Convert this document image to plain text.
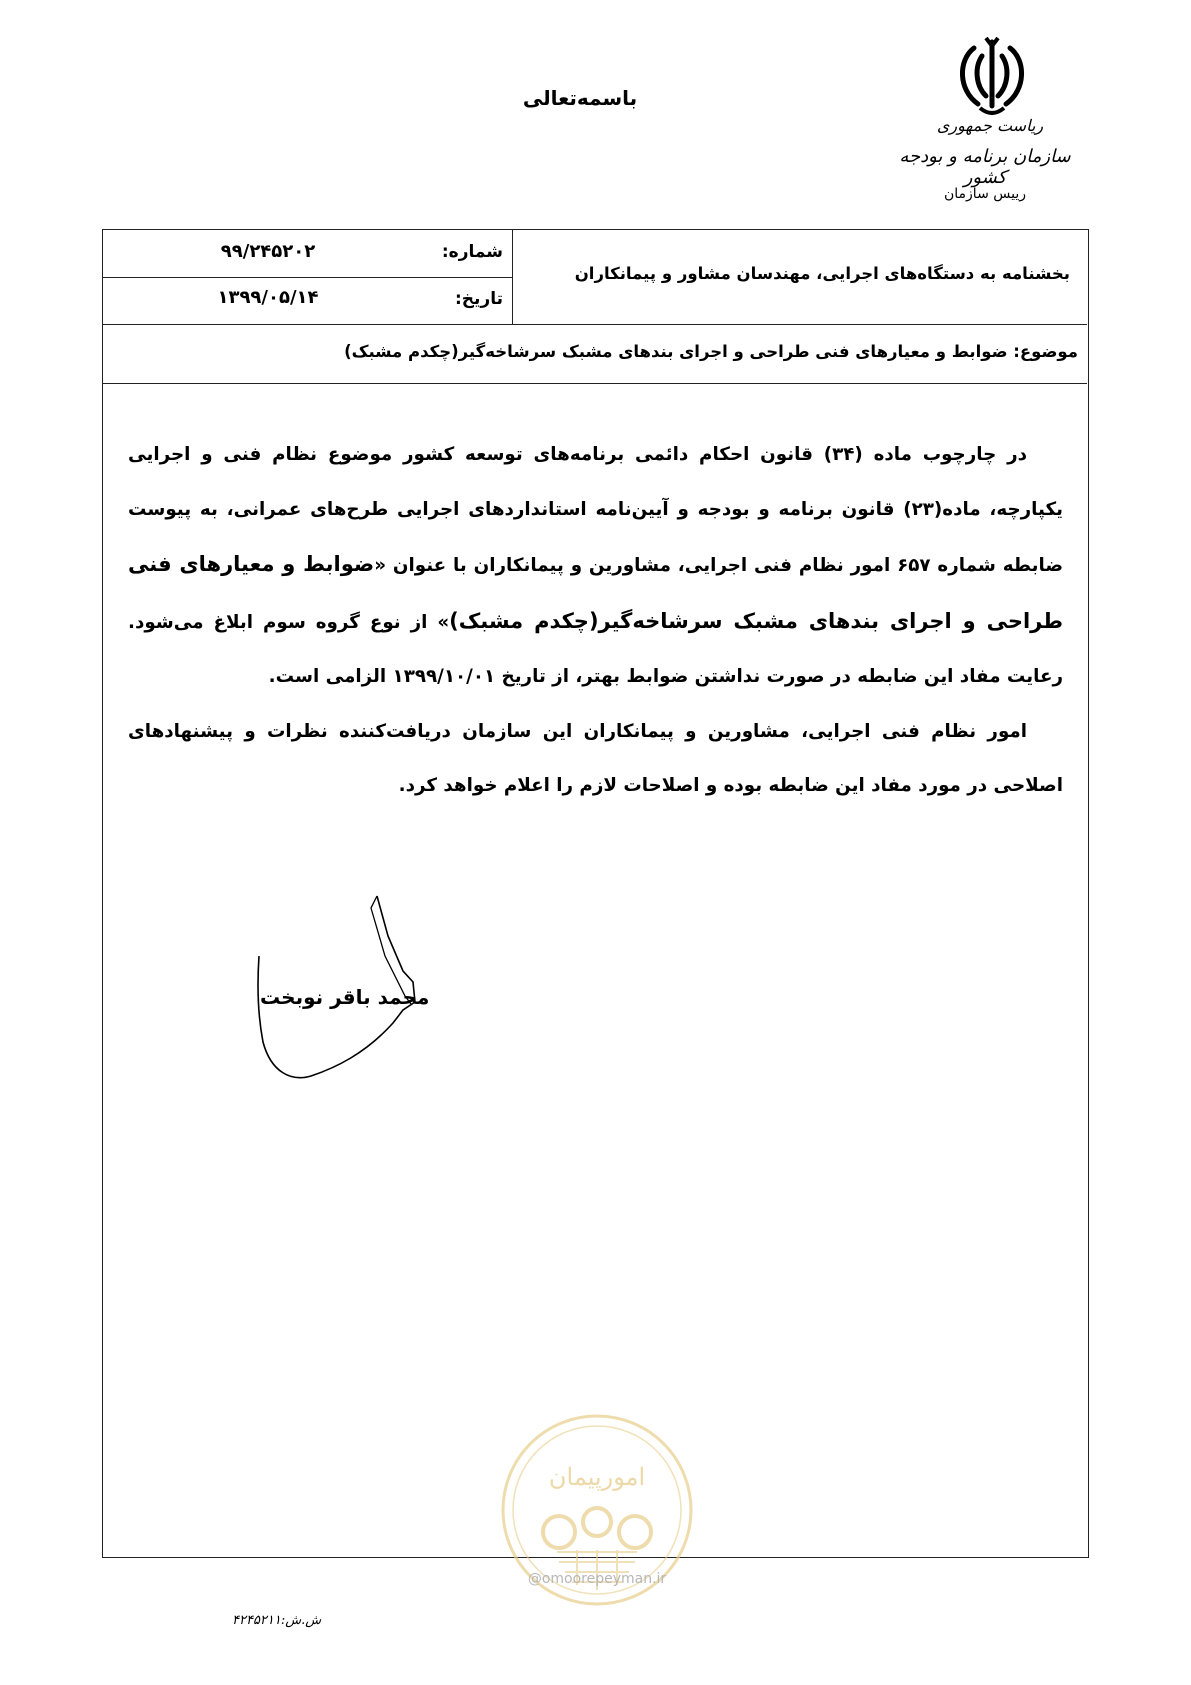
باسمه‌تعالی
ریاست جمهوری
سازمان برنامه و بودجه کشور
رییس سازمان
شماره:
۹۹/۲۴۵۲۰۲
تاریخ:
۱۳۹۹/۰۵/۱۴
بخشنامه به دستگاه‌های اجرایی، مهندسان مشاور و پیمانکاران
موضوع: ضوابط و معیارهای فنی طراحی و اجرای بندهای مشبک سرشاخه‌گیر(چکدم مشبک)

در چارچوب ماده (۳۴) قانون احکام دائمی برنامه‌های توسعه کشور موضوع نظام فنی و اجرایی یکپارچه، ماده(۲۳) قانون برنامه و بودجه و آیین‌نامه استانداردهای اجرایی طرح‌های عمرانی، به پیوست ضابطه شماره ۶۵۷ امور نظام فنی اجرایی، مشاورین و پیمانکاران با عنوان «ضوابط و معیارهای فنی طراحی و اجرای بندهای مشبک سرشاخه‌گیر(چکدم مشبک)» از نوع گروه سوم ابلاغ می‌شود. رعایت مفاد این ضابطه در صورت نداشتن ضوابط بهتر، از تاریخ ۱۳۹۹/۱۰/۰۱ الزامی است.

امور نظام فنی اجرایی، مشاورین و پیمانکاران این سازمان دریافت‌کننده نظرات و پیشنهادهای اصلاحی در مورد مفاد این ضابطه بوده و اصلاحات لازم را اعلام خواهد کرد.

محمد باقر نوبخت
امورپیمان
@omoorepeyman.ir
ش.ش:۴۲۴۵۲۱۱
